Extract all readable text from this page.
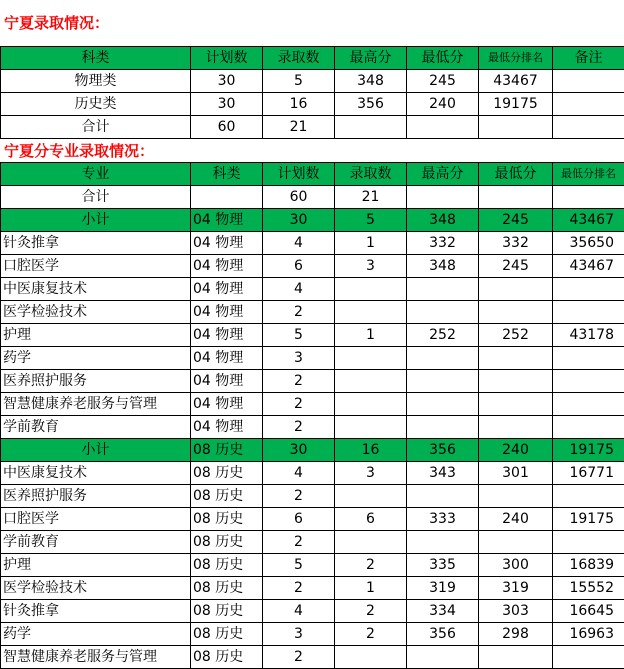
宁夏录取情况：
科类	计划数	录取数	最高分	最低分	最低分排名	备注
物理类	30	5	348	245	43467	
历史类	30	16	356	240	19175	
合计	60	21				
宁夏分专业录取情况：
专业	科类	计划数	录取数	最高分	最低分	最低分排名
合计		60	21			
小计	04 物理	30	5	348	245	43467
针灸推拿	04 物理	4	1	332	332	35650
口腔医学	04 物理	6	3	348	245	43467
中医康复技术	04 物理	4				
医学检验技术	04 物理	2				
护理	04 物理	5	1	252	252	43178
药学	04 物理	3				
医养照护服务	04 物理	2				
智慧健康养老服务与管理	04 物理	2				
学前教育	04 物理	2				
小计	08 历史	30	16	356	240	19175
中医康复技术	08 历史	4	3	343	301	16771
医养照护服务	08 历史	2				
口腔医学	08 历史	6	6	333	240	19175
学前教育	08 历史	2				
护理	08 历史	5	2	335	300	16839
医学检验技术	08 历史	2	1	319	319	15552
针灸推拿	08 历史	4	2	334	303	16645
药学	08 历史	3	2	356	298	16963
智慧健康养老服务与管理	08 历史	2				
